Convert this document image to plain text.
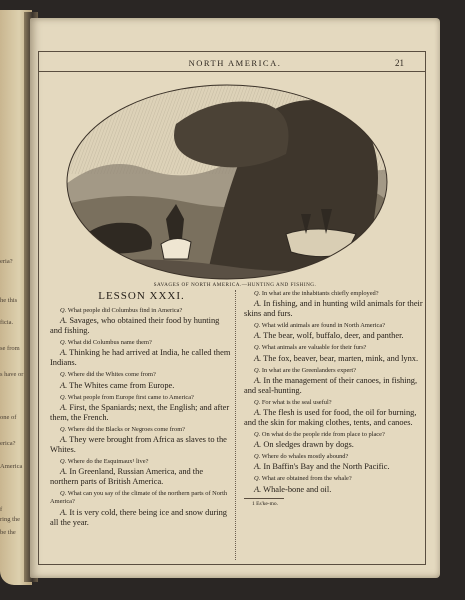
eria?
he this
ficia.
se from
s have or
one of
erica?
America
f
ring the
be the
NORTH AMERICA.	21
SAVAGES OF NORTH AMERICA.—HUNTING AND FISHING.
LESSON XXXI.

Q. What people did Columbus find in America?

A. Savages, who obtained their food by hunting and fishing.

Q. What did Columbus name them?

A. Thinking he had arrived at India, he called them Indians.

Q. Where did the Whites come from?

A. The Whites came from Europe.

Q. What people from Europe first came to America?

A. First, the Spaniards; next, the English; and after them, the French.

Q. Where did the Blacks or Negroes come from?

A. They were brought from Africa as slaves to the Whites.

Q. Where do the Esquimaux¹ live?

A. In Greenland, Russian America, and the northern parts of British America.

Q. What can you say of the climate of the northern parts of North America?

A. It is very cold, there being ice and snow during all the year.

Q. In what are the inhabitants chiefly employed?

A. In fishing, and in hunting wild animals for their skins and furs.

Q. What wild animals are found in North America?

A. The bear, wolf, buffalo, deer, and panther.

Q. What animals are valuable for their furs?

A. The fox, beaver, bear, marten, mink, and lynx.

Q. In what are the Greenlanders expert?

A. In the management of their canoes, in fishing, and seal-hunting.

Q. For what is the seal useful?

A. The flesh is used for food, the oil for burning, and the skin for making clothes, tents, and canoes.

Q. On what do the people ride from place to place?

A. On sledges drawn by dogs.

Q. Where do whales mostly abound?

A. In Baffin's Bay and the North Pacific.

Q. What are obtained from the whale?

A. Whale-bone and oil.

1 Es'ke-mo.
